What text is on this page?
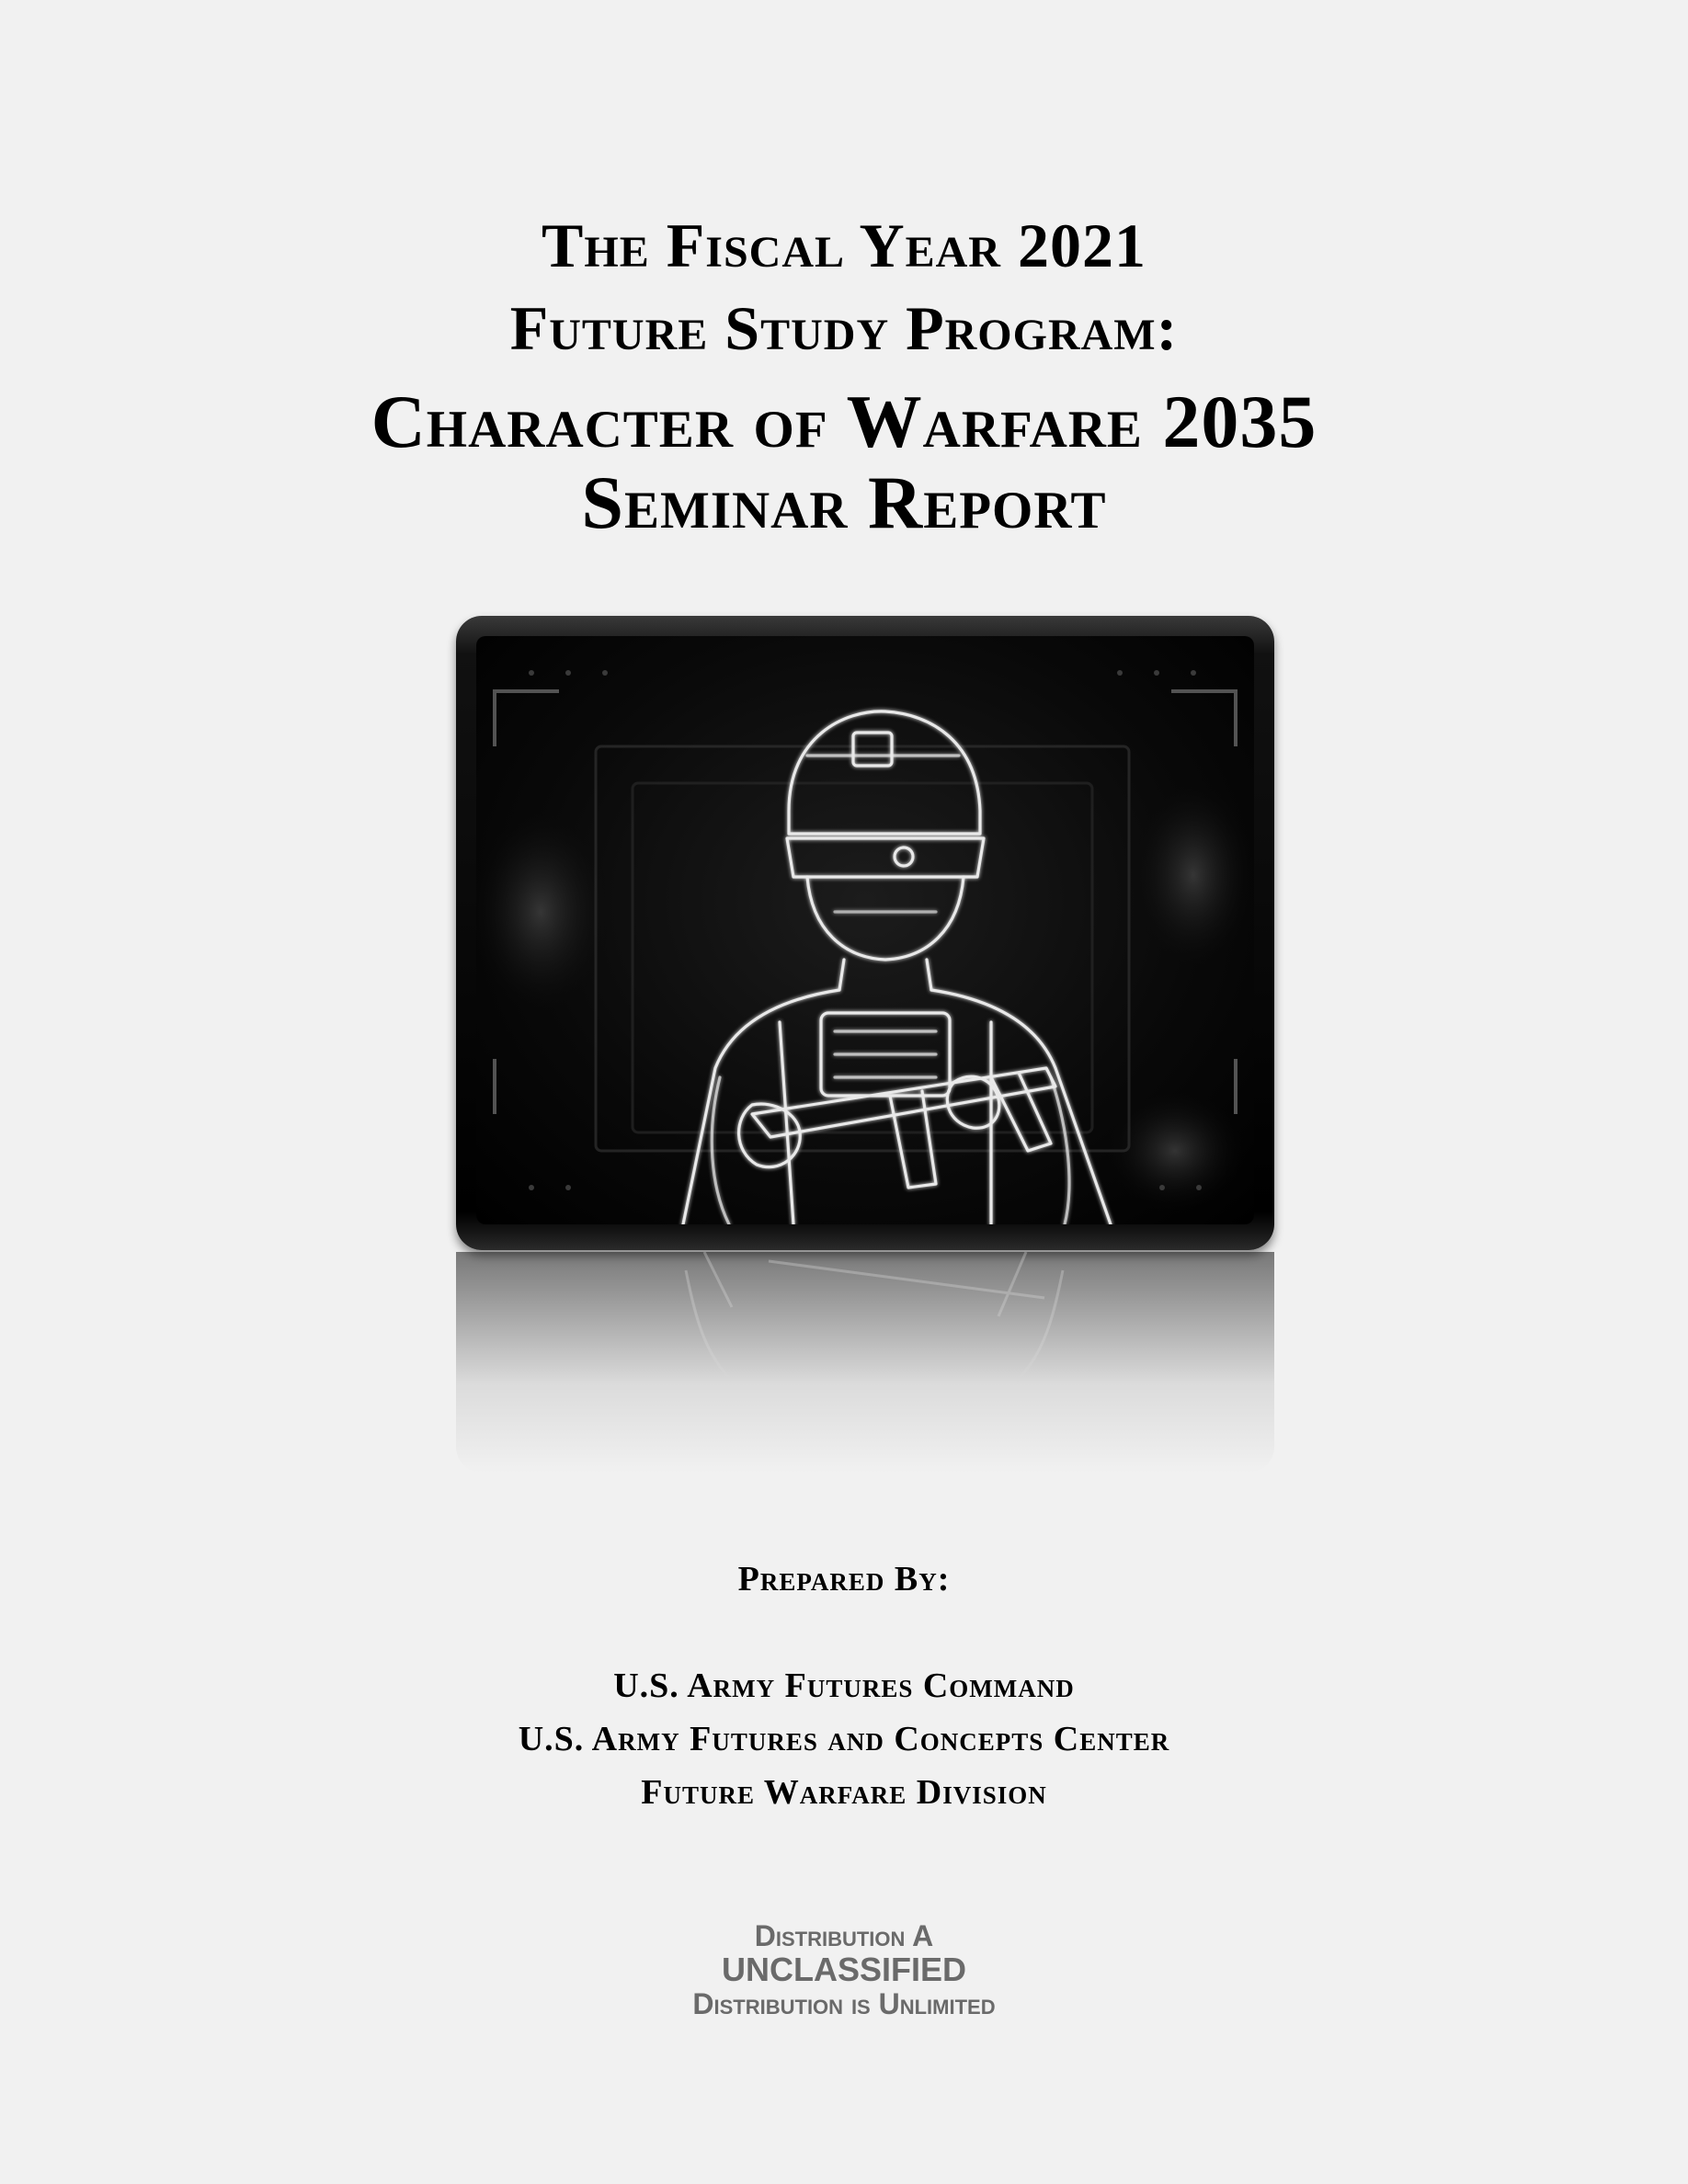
The Fiscal Year 2021
Future Study Program:
Character of Warfare 2035
Seminar Report

Prepared By:

U.S. Army Futures Command

U.S. Army Futures and Concepts Center

Future Warfare Division

Distribution A

UNCLASSIFIED

Distribution is Unlimited
